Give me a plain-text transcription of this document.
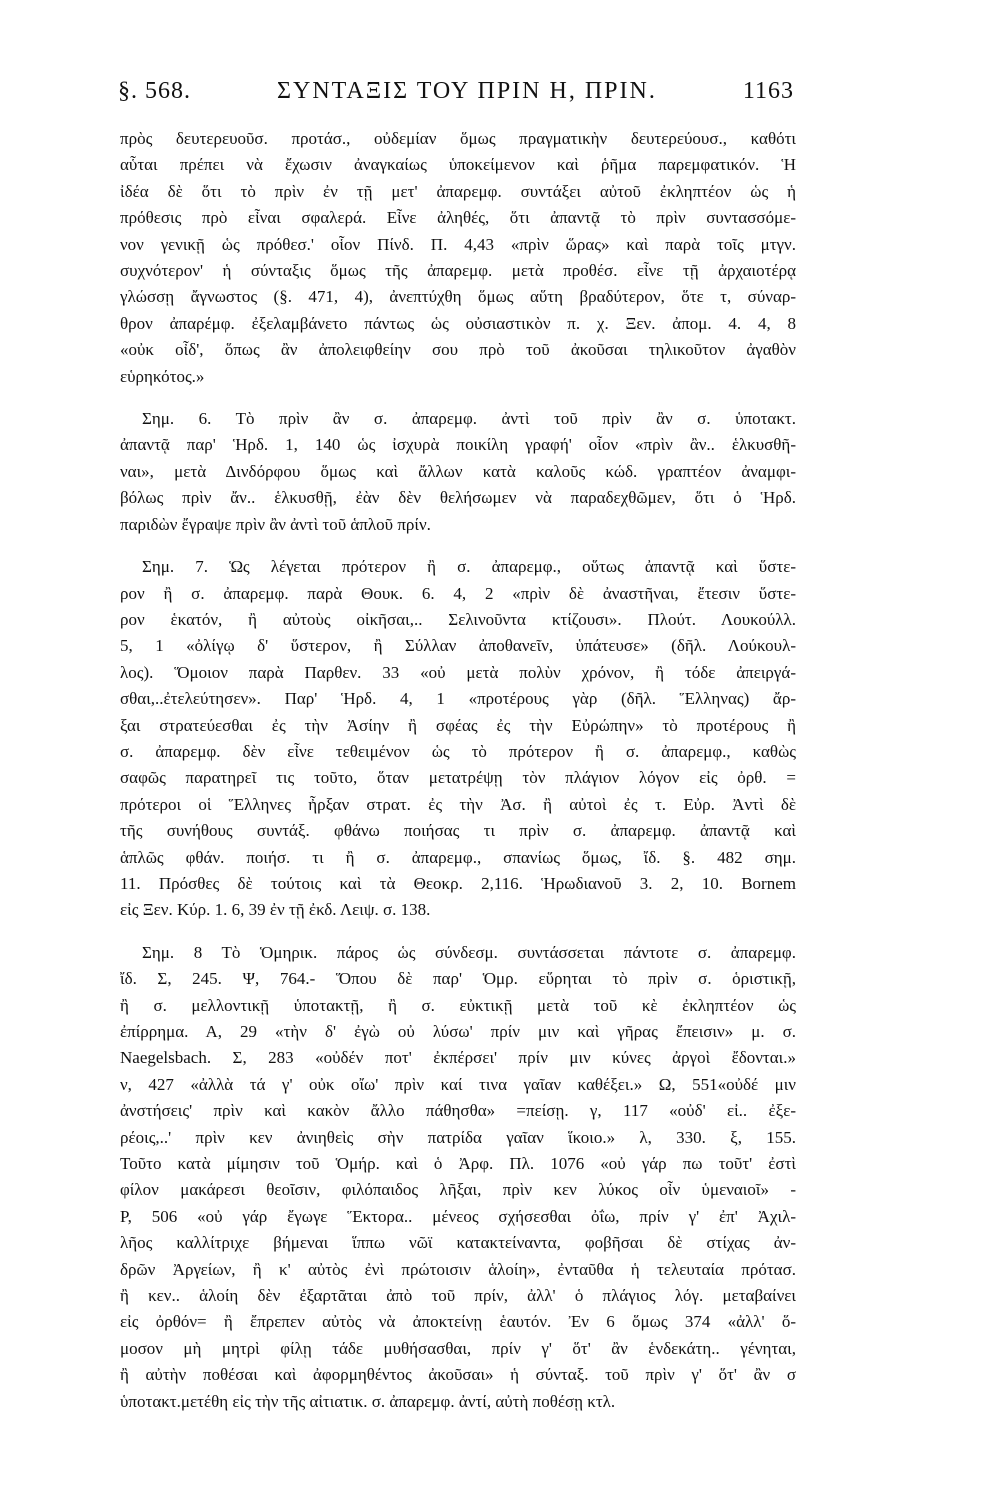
§. 568.	ΣΥΝΤΑΞΙΣ ΤΟΥ ΠΡΙΝ Η, ΠΡΙΝ.	1163
πρὸς δευτερευοῦσ. προτάσ., οὐδεμίαν ὅμως πραγματικὴν δευτερεύουσ., καθότι
αὗται πρέπει νὰ ἔχωσιν ἀναγκαίως ὑποκείμενον καὶ ῥῆμα παρεμφατικόν. Ἡ
ἰδέα δὲ ὅτι τὸ πρὶν ἐν τῇ μετ' ἀπαρεμφ. συντάξει αὐτοῦ ἐκληπτέον ὡς ἡ
πρόθεσις πρὸ εἶναι σφαλερά. Εἶνε ἀληθές, ὅτι ἀπαντᾷ τὸ πρὶν συντασσόμε-
νον γενικῇ ὡς πρόθεσ.' οἷον Πίνδ. Π. 4,43 «πρὶν ὥρας» καὶ παρὰ τοῖς μτγν.
συχνότερον' ἡ σύνταξις ὅμως τῆς ἀπαρεμφ. μετὰ προθέσ. εἶνε τῇ ἀρχαιοτέρᾳ
γλώσσῃ ἄγνωστος (§. 471, 4), ἀνεπτύχθη ὅμως αὕτη βραδύτερον, ὅτε τ, σύναρ-
θρον ἀπαρέμφ. ἐξελαμβάνετο πάντως ὡς οὐσιαστικὸν π. χ. Ξεν. ἀπομ. 4. 4, 8
«οὐκ οἶδ', ὅπως ἂν ἀπολειφθείην σου πρὸ τοῦ ἀκοῦσαι τηλικοῦτον ἀγαθὸν
εὑρηκότος.»
Σημ. 6. Τὸ πρὶν ἂν σ. ἀπαρεμφ. ἀντὶ τοῦ πρὶν ἂν σ. ὑποτακτ.
ἀπαντᾷ παρ' Ἡρδ. 1, 140 ὡς ἰσχυρὰ ποικίλη γραφή' οἷον «πρὶν ἂν.. ἑλκυσθῆ-
ναι», μετὰ Δινδόρφου ὅμως καὶ ἄλλων κατὰ καλοῦς κώδ. γραπτέον ἀναμφι-
βόλως πρὶν ἄν.. ἑλκυσθῇ, ἐὰν δὲν θελήσωμεν νὰ παραδεχθῶμεν, ὅτι ὁ Ἡρδ.
παριδὼν ἔγραψε πρὶν ἂν ἀντὶ τοῦ ἁπλοῦ πρίν.
Σημ. 7. Ὡς λέγεται πρότερον ἢ σ. ἀπαρεμφ., οὕτως ἀπαντᾷ καὶ ὕστε-
ρον ἢ σ. ἀπαρεμφ. παρὰ Θουκ. 6. 4, 2 «πρὶν δὲ ἀναστῆναι, ἔτεσιν ὕστε-
ρον ἑκατόν, ἢ αὐτοὺς οἰκῆσαι,.. Σελινοῦντα κτίζουσι». Πλούτ. Λουκούλλ.
5, 1 «ὀλίγῳ δ' ὕστερον, ἢ Σύλλαν ἀποθανεῖν, ὑπάτευσε» (δῆλ. Λούκουλ-
λος). Ὅμοιον παρὰ Παρθεν. 33 «οὐ μετὰ πολὺν χρόνον, ἢ τόδε ἀπειργά-
σθαι,..ἐτελεύτησεν». Παρ' Ἡρδ. 4, 1 «προτέρους γὰρ (δῆλ. Ἕλληνας) ἄρ-
ξαι στρατεύεσθαι ἐς τὴν Ἀσίην ἢ σφέας ἐς τὴν Εὐρώπην» τὸ προτέρους ἢ
σ. ἀπαρεμφ. δὲν εἶνε τεθειμένον ὡς τὸ πρότερον ἢ σ. ἀπαρεμφ., καθὼς
σαφῶς παρατηρεῖ τις τοῦτο, ὅταν μετατρέψῃ τὸν πλάγιον λόγον εἰς ὀρθ. =
πρότεροι οἱ Ἕλληνες ἦρξαν στρατ. ἐς τὴν Ἀσ. ἢ αὐτοὶ ἐς τ. Εὐρ. Ἀντὶ δὲ
τῆς συνήθους συντάξ. φθάνω ποιήσας τι πρὶν σ. ἀπαρεμφ. ἀπαντᾷ καὶ
ἁπλῶς φθάν. ποιήσ. τι ἢ σ. ἀπαρεμφ., σπανίως ὅμως, ἴδ. §. 482 σημ.
11. Πρόσθες δὲ τούτοις καὶ τὰ Θεοκρ. 2,116. Ἡρωδιανοῦ 3. 2, 10. Bornem
εἰς Ξεν. Κύρ. 1. 6, 39 ἐν τῇ ἐκδ. Λειψ. σ. 138.
Σημ. 8 Τὸ Ὁμηρικ. πάρος ὡς σύνδεσμ. συντάσσεται πάντοτε σ. ἀπαρεμφ.
ἴδ. Σ, 245. Ψ, 764.- Ὅπου δὲ παρ' Ὁμρ. εὕρηται τὸ πρὶν σ. ὁριστικῇ,
ἢ σ. μελλοντικῇ ὑποτακτῇ, ἢ σ. εὐκτικῇ μετὰ τοῦ κὲ ἐκληπτέον ὡς
ἐπίρρημα. Α, 29 «τὴν δ' ἐγὼ οὐ λύσω' πρίν μιν καὶ γῆρας ἔπεισιν» μ. σ.
Naegelsbach. Σ, 283 «οὐδέν ποτ' ἐκπέρσει' πρίν μιν κύνες ἀργοὶ ἔδονται.»
ν, 427 «ἀλλὰ τά γ' οὐκ οἴω' πρὶν καί τινα γαῖαν καθέξει.» Ω, 551«οὐδέ μιν
ἀνστήσεις' πρὶν καὶ κακὸν ἄλλο πάθησθα» =πείσῃ. γ, 117 «οὐδ' εἰ.. ἐξε-
ρέοις,..' πρὶν κεν ἀνιηθεὶς σὴν πατρίδα γαῖαν ἵκοιο.» λ, 330. ξ, 155.
Τοῦτο κατὰ μίμησιν τοῦ Ὁμήρ. καὶ ὁ Ἀρφ. Πλ. 1076 «οὐ γάρ πω τοῦτ' ἐστὶ
φίλον μακάρεσι θεοῖσιν, φιλόπαιδος λῆξαι, πρὶν κεν λύκος οἶν ὑμεναιοῖ» -
Ρ, 506 «οὐ γάρ ἔγωγε Ἕκτορα.. μένεος σχήσεσθαι ὀΐω, πρίν γ' ἐπ' Ἀχιλ-
λῆος καλλίτριχε βήμεναι ἵππω νῶϊ κατακτείναντα, φοβῆσαι δὲ στίχας ἀν-
δρῶν Ἀργείων, ἢ κ' αὐτὸς ἐνὶ πρώτοισιν ἁλοίη», ἐνταῦθα ἡ τελευταία πρότασ.
ἢ κεν.. ἁλοίη δὲν ἐξαρτᾶται ἀπὸ τοῦ πρίν, ἀλλ' ὁ πλάγιος λόγ. μεταβαίνει
εἰς ὀρθόν= ἢ ἔπρεπεν αὐτὸς νὰ ἀποκτείνῃ ἑαυτόν. Ἐν 6 ὅμως 374 «ἀλλ' ὅ-
μοσον μὴ μητρὶ φίλῃ τάδε μυθήσασθαι, πρίν γ' ὅτ' ἂν ἑνδεκάτη.. γένηται,
ἢ αὐτὴν ποθέσαι καὶ ἀφορμηθέντος ἀκοῦσαι» ἡ σύνταξ. τοῦ πρὶν γ' ὅτ' ἂν σ
ὑποτακτ.μετέθη εἰς τὴν τῆς αἰτιατικ. σ. ἀπαρεμφ. ἀντί, αὐτὴ ποθέσῃ κτλ.
